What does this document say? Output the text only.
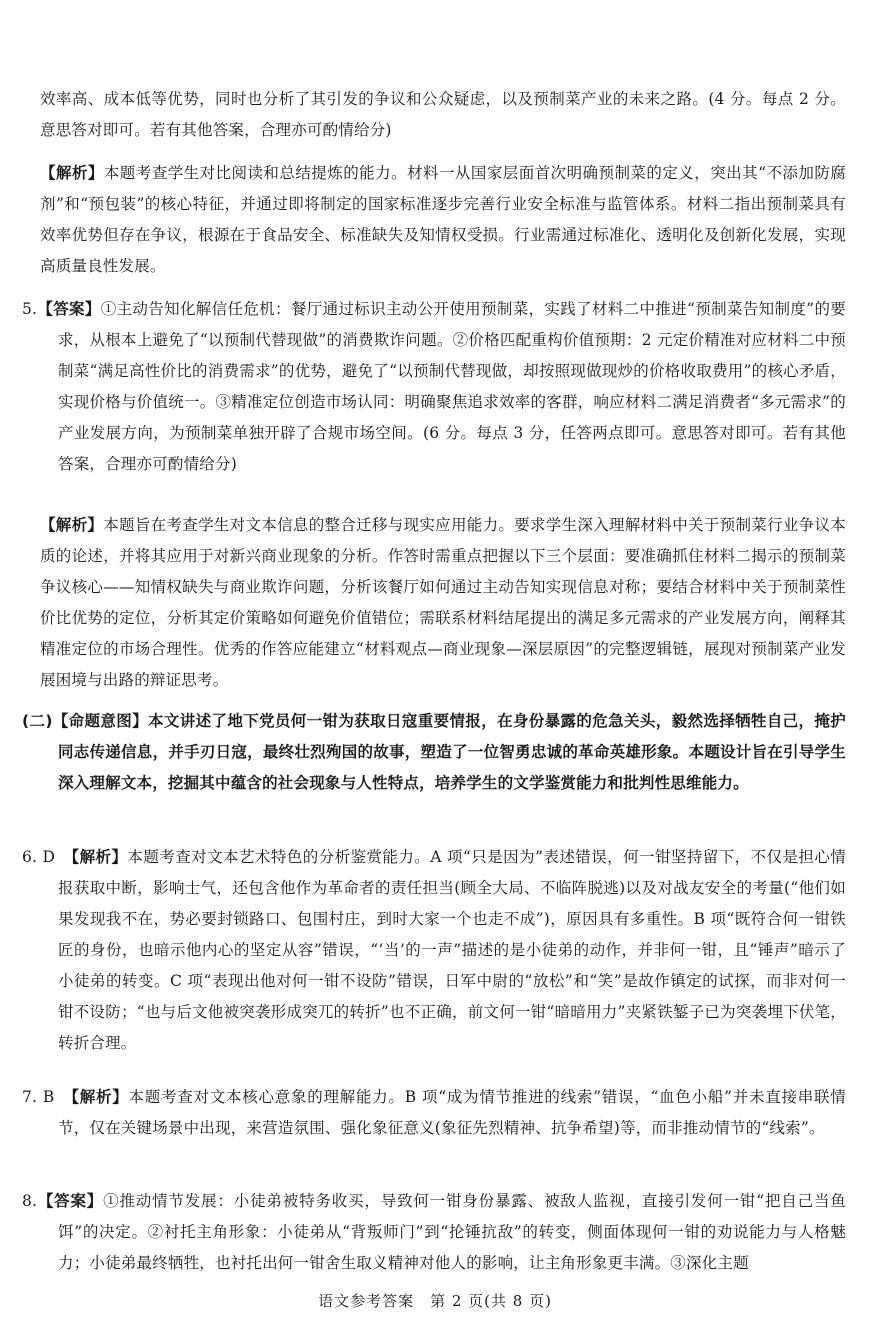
效率高、成本低等优势，同时也分析了其引发的争议和公众疑虑，以及预制菜产业的未来之路。(4 分。每点 2 分。意思答对即可。若有其他答案，合理亦可酌情给分)
【解析】本题考查学生对比阅读和总结提炼的能力。材料一从国家层面首次明确预制菜的定义，突出其“不添加防腐剂”和“预包装”的核心特征，并通过即将制定的国家标准逐步完善行业安全标准与监管体系。材料二指出预制菜具有效率优势但存在争议，根源在于食品安全、标准缺失及知情权受损。行业需通过标准化、透明化及创新化发展，实现高质量良性发展。
5.【答案】①主动告知化解信任危机：餐厅通过标识主动公开使用预制菜，实践了材料二中推进“预制菜告知制度”的要求，从根本上避免了“以预制代替现做”的消费欺诈问题。②价格匹配重构价值预期：2 元定价精准对应材料二中预制菜“满足高性价比的消费需求”的优势，避免了“以预制代替现做，却按照现做现炒的价格收取费用”的核心矛盾，实现价格与价值统一。③精准定位创造市场认同：明确聚焦追求效率的客群，响应材料二满足消费者“多元需求”的产业发展方向，为预制菜单独开辟了合规市场空间。(6 分。每点 3 分，任答两点即可。意思答对即可。若有其他答案，合理亦可酌情给分)
【解析】本题旨在考查学生对文本信息的整合迁移与现实应用能力。要求学生深入理解材料中关于预制菜行业争议本质的论述，并将其应用于对新兴商业现象的分析。作答时需重点把握以下三个层面：要准确抓住材料二揭示的预制菜争议核心——知情权缺失与商业欺诈问题，分析该餐厅如何通过主动告知实现信息对称；要结合材料中关于预制菜性价比优势的定位，分析其定价策略如何避免价值错位；需联系材料结尾提出的满足多元需求的产业发展方向，阐释其精准定位的市场合理性。优秀的作答应能建立“材料观点—商业现象—深层原因”的完整逻辑链，展现对预制菜产业发展困境与出路的辩证思考。
(二)【命题意图】本文讲述了地下党员何一钳为获取日寇重要情报，在身份暴露的危急关头，毅然选择牺牲自己，掩护同志传递信息，并手刃日寇，最终壮烈殉国的故事，塑造了一位智勇忠诚的革命英雄形象。本题设计旨在引导学生深入理解文本，挖掘其中蕴含的社会现象与人性特点，培养学生的文学鉴赏能力和批判性思维能力。
6. D　 【解析】本题考查对文本艺术特色的分析鉴赏能力。A 项“只是因为”表述错误，何一钳坚持留下，不仅是担心情报获取中断，影响士气，还包含他作为革命者的责任担当(顾全大局、不临阵脱逃)以及对战友安全的考量(“他们如果发现我不在，势必要封锁路口、包围村庄，到时大家一个也走不成”)，原因具有多重性。B 项“既符合何一钳铁匠的身份，也暗示他内心的坚定从容”错误，“‘当’的一声”描述的是小徒弟的动作，并非何一钳，且“锤声”暗示了小徒弟的转变。C 项“表现出他对何一钳不设防”错误，日军中尉的“放松”和“笑”是故作镇定的试探，而非对何一钳不设防；“也与后文他被突袭形成突兀的转折”也不正确，前文何一钳“暗暗用力”夹紧铁錾子已为突袭埋下伏笔，转折合理。
7. B　 【解析】本题考查对文本核心意象的理解能力。B 项“成为情节推进的线索”错误，“血色小船”并未直接串联情节，仅在关键场景中出现，来营造氛围、强化象征意义(象征先烈精神、抗争希望)等，而非推动情节的“线索”。
8.【答案】①推动情节发展：小徒弟被特务收买，导致何一钳身份暴露、被敌人监视，直接引发何一钳“把自己当鱼饵”的决定。②衬托主角形象：小徒弟从“背叛师门”到“抡锤抗敌”的转变，侧面体现何一钳的劝说能力与人格魅力；小徒弟最终牺牲，也衬托出何一钳舍生取义精神对他人的影响，让主角形象更丰满。③深化主题
语文参考答案　第 2 页(共 8 页)
